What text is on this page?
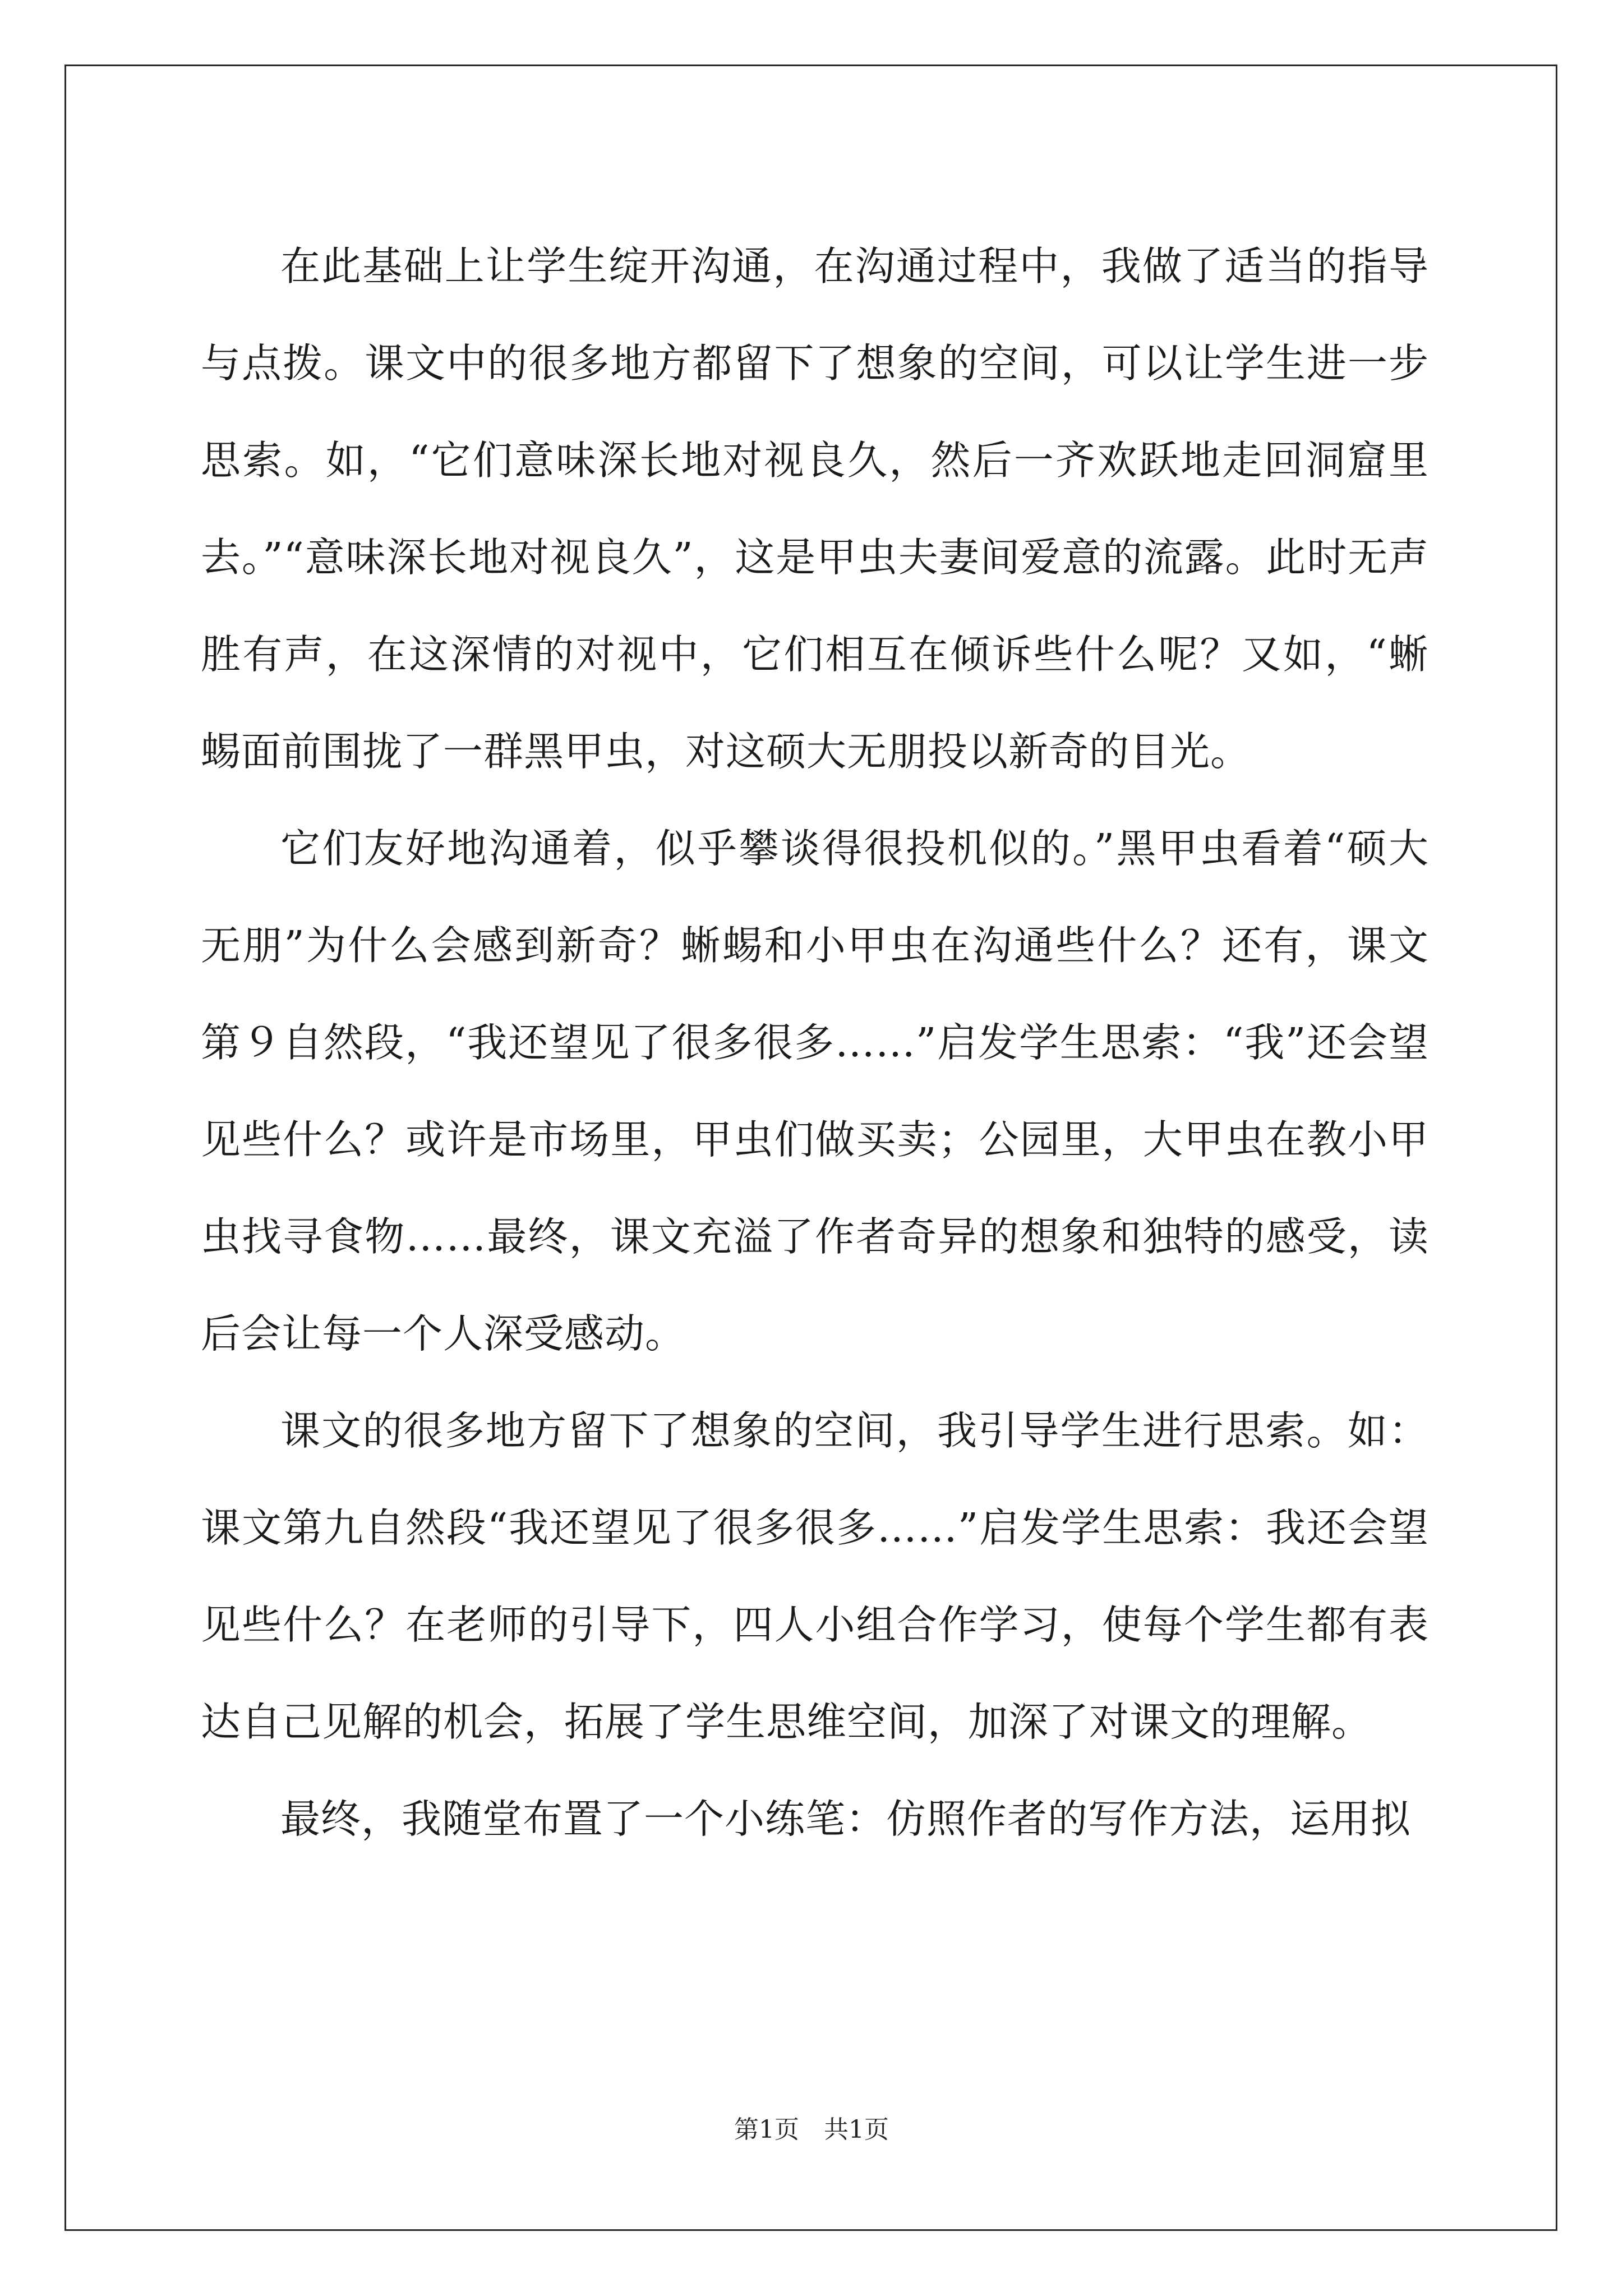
在此基础上让学生绽开沟通，在沟通过程中，我做了适当的指导与点拨。课文中的很多地方都留下了想象的空间，可以让学生进一步思索。如，“它们意味深长地对视良久，然后一齐欢跃地走回洞窟里去。”“意味深长地对视良久”，这是甲虫夫妻间爱意的流露。此时无声胜有声，在这深情的对视中，它们相互在倾诉些什么呢？又如，“蜥蜴面前围拢了一群黑甲虫，对这硕大无朋投以新奇的目光。

它们友好地沟通着，似乎攀谈得很投机似的。”黑甲虫看着“硕大无朋”为什么会感到新奇？蜥蜴和小甲虫在沟通些什么？还有，课文第９自然段，“我还望见了很多很多……”启发学生思索：“我”还会望见些什么？或许是市场里，甲虫们做买卖；公园里，大甲虫在教小甲虫找寻食物……最终，课文充溢了作者奇异的想象和独特的感受，读后会让每一个人深受感动。

课文的很多地方留下了想象的空间，我引导学生进行思索。如：课文第九自然段“我还望见了很多很多……”启发学生思索：我还会望见些什么？在老师的引导下，四人小组合作学习，使每个学生都有表达自己见解的机会，拓展了学生思维空间，加深了对课文的理解。

最终，我随堂布置了一个小练笔：仿照作者的写作方法，运用拟

第1页　共1页
